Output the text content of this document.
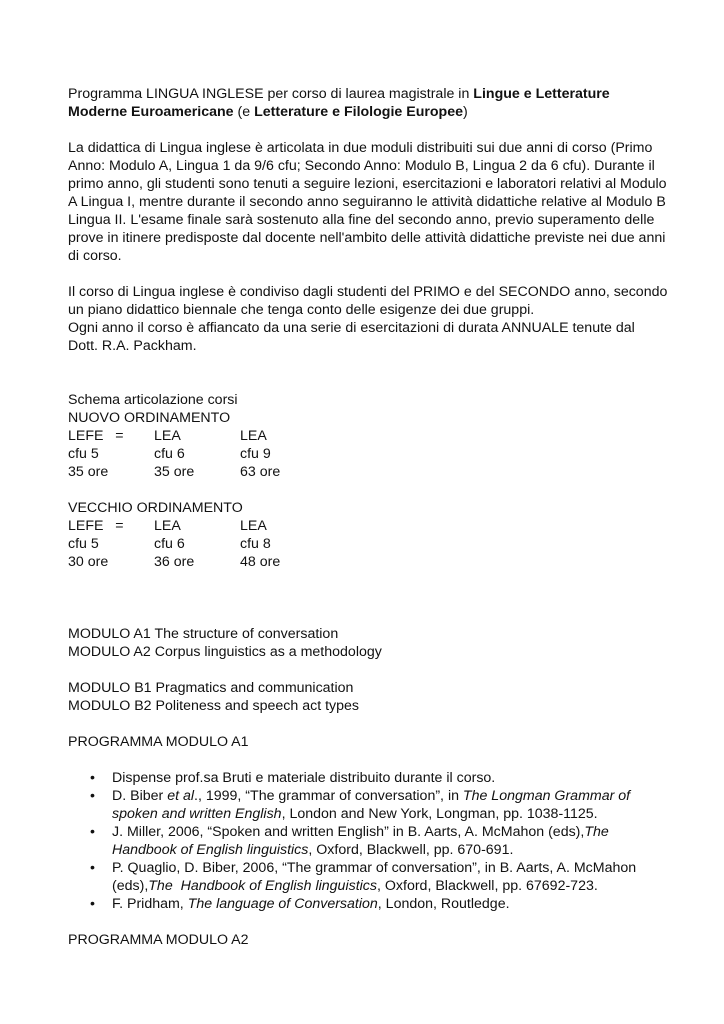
Programma LINGUA INGLESE per corso di laurea magistrale in Lingue e Letterature Moderne Euroamericane (e Letterature e Filologie Europee)

La didattica di Lingua inglese è articolata in due moduli distribuiti sui due anni di corso (Primo Anno: Modulo A, Lingua 1 da 9/6 cfu; Secondo Anno: Modulo B, Lingua 2 da 6 cfu). Durante il primo anno, gli studenti sono tenuti a seguire lezioni, esercitazioni e laboratori relativi al Modulo A Lingua I, mentre durante il secondo anno seguiranno le attività didattiche relative al Modulo B Lingua II. L'esame finale sarà sostenuto alla fine del secondo anno, previo superamento delle prove in itinere predisposte dal docente nell'ambito delle attività didattiche previste nei due anni di corso.

Il corso di Lingua inglese è condiviso dagli studenti del PRIMO e del SECONDO anno, secondo un piano didattico biennale che tenga conto delle esigenze dei due gruppi.

Ogni anno il corso è affiancato da una serie di esercitazioni di durata ANNUALE tenute dal Dott. R.A. Packham.

Schema articolazione corsi

NUOVO ORDINAMENTO

LEFE   =	LEA	LEA
cfu 5	cfu 6	cfu 9
35 ore	35 ore	63 ore

VECCHIO ORDINAMENTO

LEFE   =	LEA	LEA
cfu 5	cfu 6	cfu 8
30 ore	36 ore	48 ore

MODULO A1 The structure of conversation

MODULO A2 Corpus linguistics as a methodology

MODULO B1 Pragmatics and communication

MODULO B2 Politeness and speech act types

PROGRAMMA MODULO A1

• Dispense prof.sa Bruti e materiale distribuito durante il corso.
• D. Biber et al., 1999, “The grammar of conversation”, in The Longman Grammar of spoken and written English, London and New York, Longman, pp. 1038-1125.
• J. Miller, 2006, “Spoken and written English” in B. Aarts, A. McMahon (eds),The Handbook of English linguistics, Oxford, Blackwell, pp. 670-691.
• P. Quaglio, D. Biber, 2006, “The grammar of conversation”, in B. Aarts, A. McMahon (eds),The  Handbook of English linguistics, Oxford, Blackwell, pp. 67692-723.
• F. Pridham, The language of Conversation, London, Routledge.

PROGRAMMA MODULO A2
